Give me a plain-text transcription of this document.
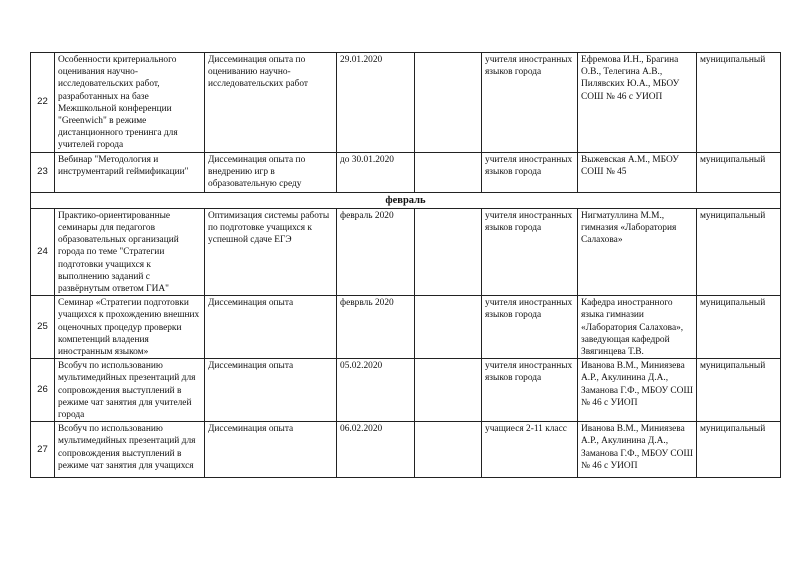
22	Особенности критериального оценивания научно-исследовательских работ, разработанных на базе Межшкольной конференции "Greenwich" в режиме дистанционного тренинга для учителей города	Диссеминация опыта по оцениванию научно-исследовательских работ	29.01.2020		учителя иностранных языков города	Ефремова И.Н., Брагина О.В., Телегина А.В., Пилявских Ю.А., МБОУ СОШ № 46 с УИОП	муниципальный
23	Вебинар "Методология и инструментарий геймификации"	Диссеминация опыта по внедрению игр в образовательную среду	до 30.01.2020		учителя иностранных языков города	Выжевская А.М., МБОУ СОШ № 45	муниципальный
февраль							
24	Практико-ориентированные семинары для педагогов образовательных организаций города по теме "Стратегии подготовки учащихся к выполнению заданий с развёрнутым ответом ГИА"	Оптимизация системы работы по подготовке учащихся к успешной сдаче ЕГЭ	февраль 2020		учителя иностранных языков города	Нигматуллина М.М., гимназия «Лаборатория Салахова»	муниципальный
25	Семинар «Стратегии подготовки учащихся к прохождению внешних оценочных процедур проверки компетенций владения иностранным языком»	Диссеминация опыта	феврвль 2020		учителя иностранных языков города	Кафедра иностранного языка гимназии «Лаборатория Салахова», заведующая кафедрой Звягинцева Т.В.	муниципальный
26	Всобуч по использованию мультимедийных презентаций для сопровождения выступлений в режиме чат занятия для учителей города	Диссеминация опыта	05.02.2020		учителя иностранных языков города	Иванова В.М., Миниязева А.Р., Акулинина Д.А., Заманова Г.Ф., МБОУ СОШ № 46 с УИОП	муниципальный
27	Всобуч по использованию мультимедийных презентаций для сопровождения выступлений в режиме чат занятия для учащихся	Диссеминация опыта	06.02.2020		учащиеся 2-11 класс	Иванова В.М., Миниязева А.Р., Акулинина Д.А., Заманова Г.Ф., МБОУ СОШ № 46 с УИОП	муниципальный
